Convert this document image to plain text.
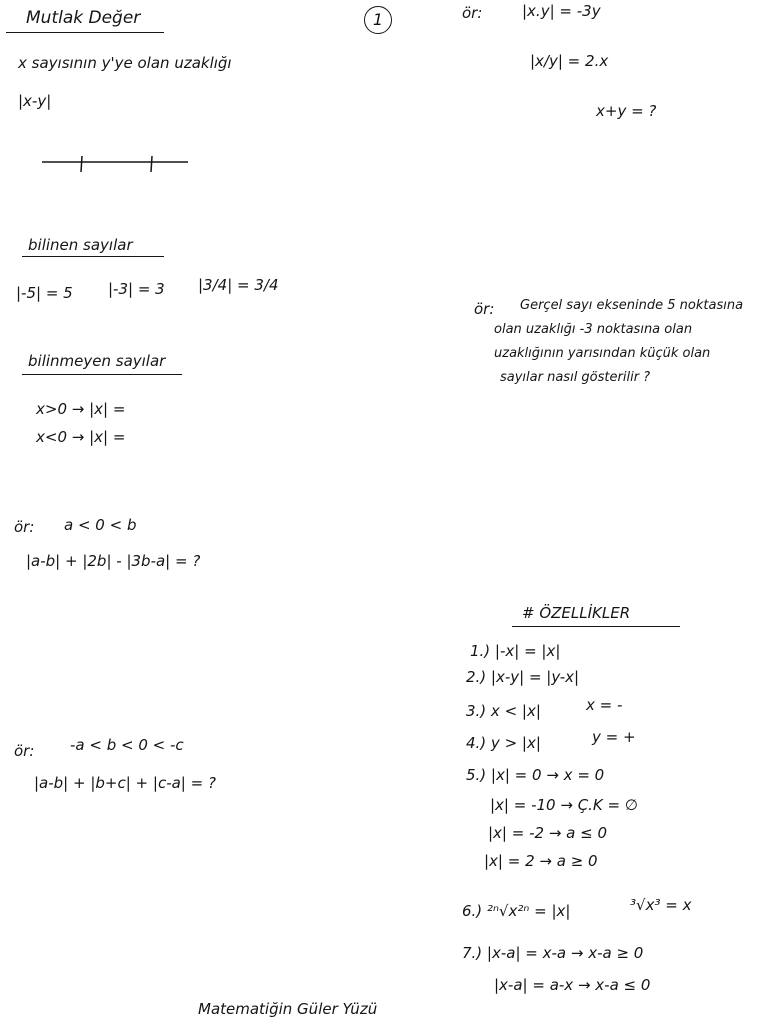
1
Mutlak Değer
x sayısının y'ye olan uzaklığı
|x-y|
bilinen sayılar
|-5| = 5 |-3| = 3 |3/4| = 3/4
bilinmeyen sayılar
x>0 → |x| =
x<0 → |x| =
ör: a < 0 < b
|a-b| + |2b| - |3b-a| = ?
ör: -a < b < 0 < -c
|a-b| + |b+c| + |c-a| = ?
ör:	|x.y| = -3y
|x/y| = 2.x
x+y = ?
ör: Gerçel sayı ekseninde 5 noktasına
olan uzaklığı -3 noktasına olan
uzaklığının yarısından küçük olan
sayılar nasıl gösterilir ?
# ÖZELLİKLER
1.) |-x| = |x|
2.) |x-y| = |y-x|
3.) x < |x|	x = -
4.) y > |x|	y = +
5.) |x| = 0 → x = 0
|x| = -10 → Ç.K = ∅
|x| = -2 → a ≤ 0
|x| = 2 → a ≥ 0
6.) ²ⁿ√x²ⁿ = |x|	³√x³ = x
7.) |x-a| = x-a → x-a ≥ 0
|x-a| = a-x → x-a ≤ 0
Matematiğin Güler Yüzü
